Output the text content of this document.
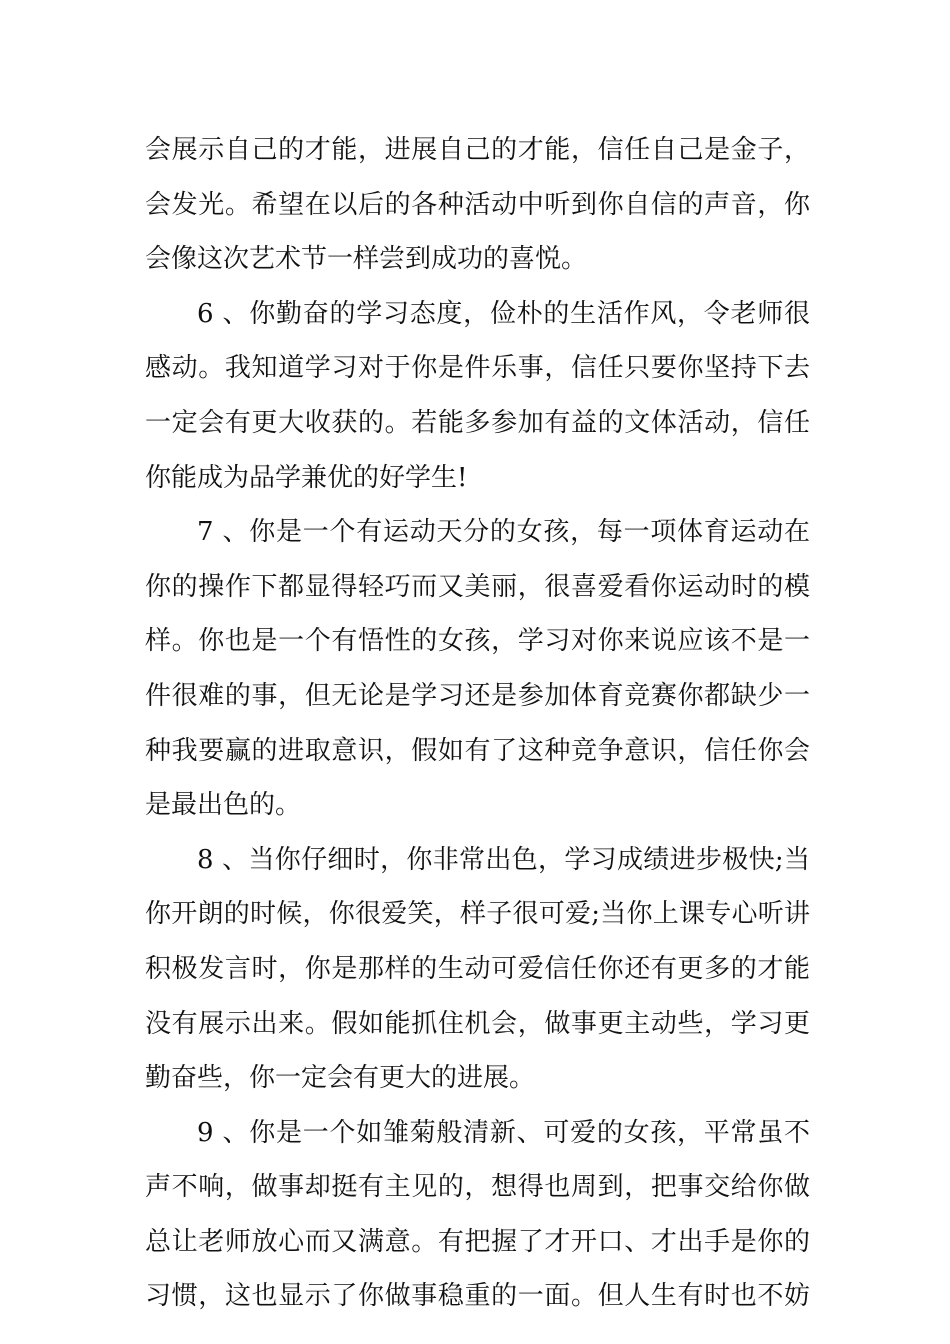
会展示自己的才能，进展自己的才能，信任自己是金子，
会发光。希望在以后的各种活动中听到你自信的声音，你
会像这次艺术节一样尝到成功的喜悦。
6 、你勤奋的学习态度，俭朴的生活作风，令老师很
感动。我知道学习对于你是件乐事，信任只要你坚持下去
一定会有更大收获的。若能多参加有益的文体活动，信任
你能成为品学兼优的好学生!
7 、你是一个有运动天分的女孩，每一项体育运动在
你的操作下都显得轻巧而又美丽，很喜爱看你运动时的模
样。你也是一个有悟性的女孩，学习对你来说应该不是一
件很难的事，但无论是学习还是参加体育竞赛你都缺少一
种我要赢的进取意识，假如有了这种竞争意识，信任你会
是最出色的。
8 、当你仔细时，你非常出色，学习成绩进步极快;当
你开朗的时候，你很爱笑，样子很可爱;当你上课专心听讲
积极发言时，你是那样的生动可爱信任你还有更多的才能
没有展示出来。假如能抓住机会，做事更主动些，学习更
勤奋些，你一定会有更大的进展。
9 、你是一个如雏菊般清新、可爱的女孩，平常虽不
声不响，做事却挺有主见的，想得也周到，把事交给你做
总让老师放心而又满意。有把握了才开口、才出手是你的
习惯，这也显示了你做事稳重的一面。但人生有时也不妨
